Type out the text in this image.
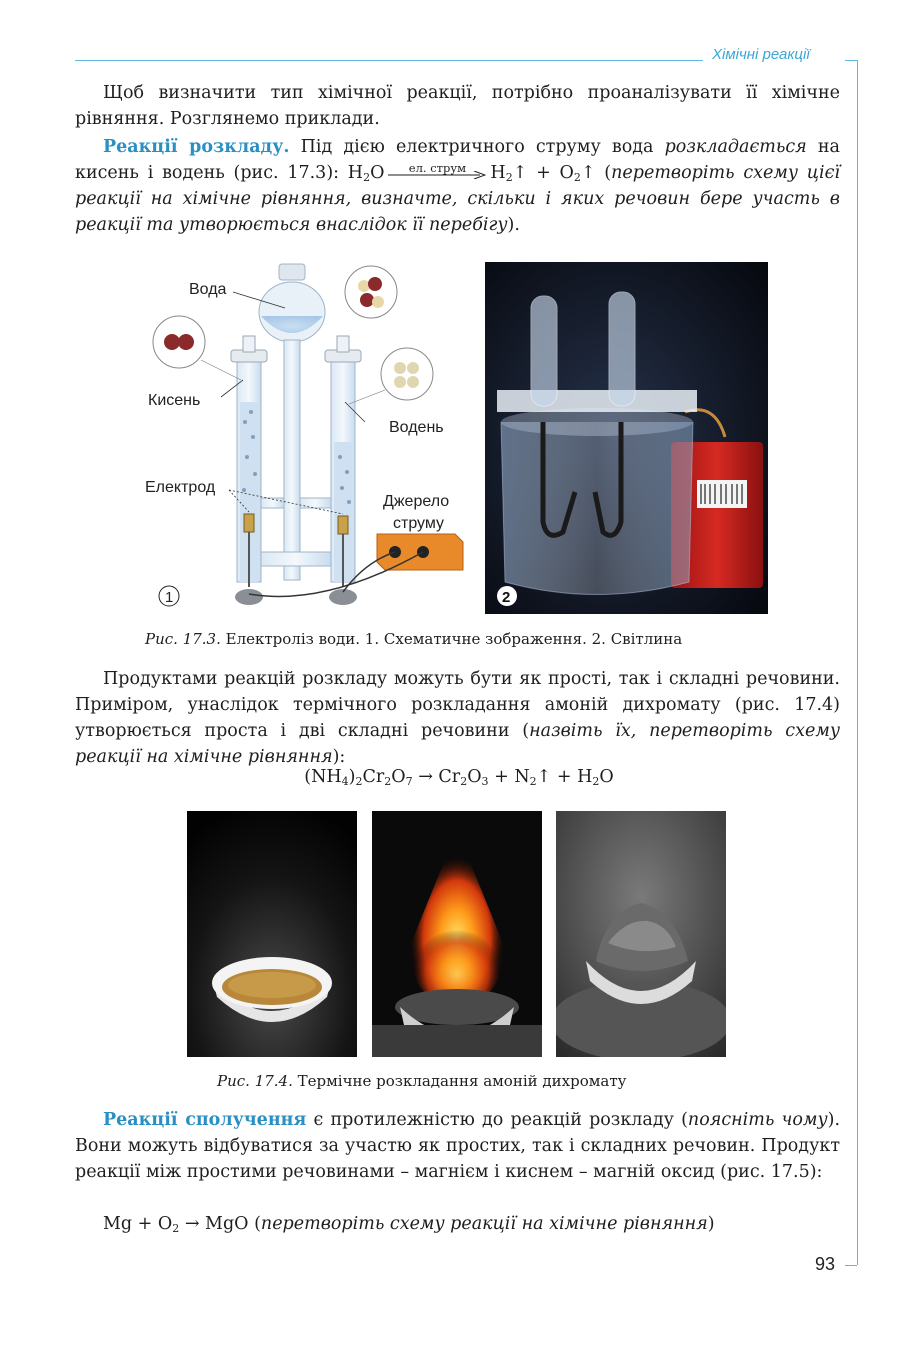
Хімічні реакції
Щоб визначити тип хімічної реакції, потрібно проаналізувати її хімічне рівняння. Розглянемо приклади.
Реакції розкладу. Під дією електричного струму вода розкладається на кисень і водень (рис. 17.3): $H_2O$	ел. струм	$H_2↑$ + $O_2↑$ (перетворіть схему цієї реакції на хімічне рівняння, визначте, скільки і яких речовин бере участь в реакції та утворюється внаслідок її перебігу).
Вода
Кисень
Водень
Електрод
Джерело
струму
1	2
Рис. 17.3. Електроліз води. 1. Схематичне зображення. 2. Світлина
Продуктами реакцій розкладу можуть бути як прості, так і складні речовини. Приміром, унаслідок термічного розкладання амоній дихромату (рис. 17.4) утворюється проста і дві складні речовини (назвіть їх, перетворіть схему реакції на хімічне рівняння):
$(NH_4)_2Cr_2O_7 \to Cr_2O_3$ + $N_2↑ + H_2O$
Рис. 17.4. Термічне розкладання амоній дихромату
Реакції сполучення є протилежністю до реакцій розкладу (поясніть чому). Вони можуть відбуватися за участю як простих, так і складних речовин. Продукт реакції між простими речовинами – магнієм і киснем – магній оксид (рис. 17.5):
$Mg + O_2$ → MgO (перетворіть схему реакції на хімічне рівняння)
93
